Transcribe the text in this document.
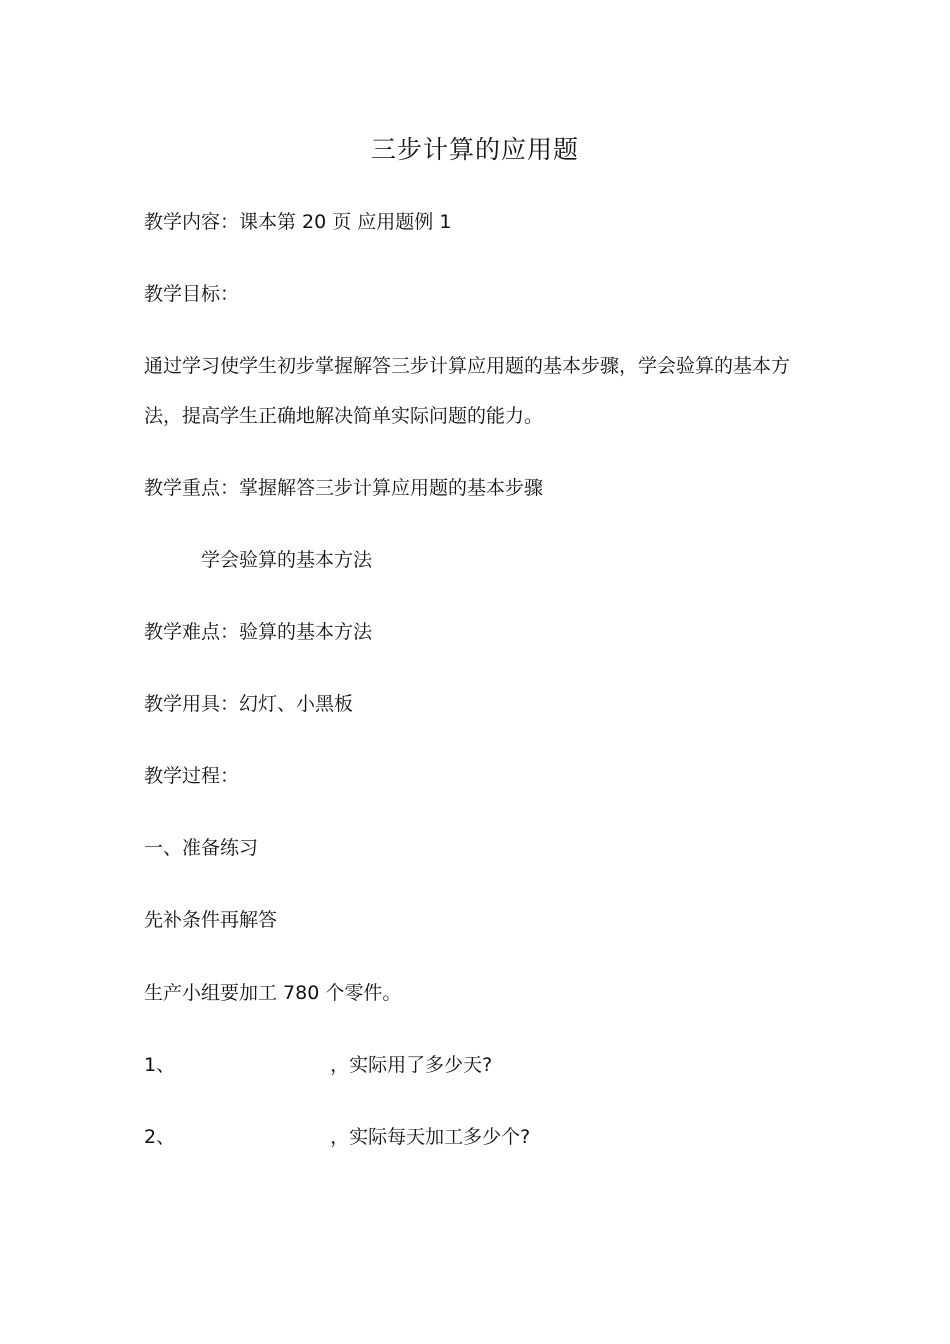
三步计算的应用题
教学内容：课本第 20 页 应用题例 1
教学目标：
通过学习使学生初步掌握解答三步计算应用题的基本步骤，学会验算的基本方
法，提高学生正确地解决简单实际问题的能力。
教学重点：掌握解答三步计算应用题的基本步骤
学会验算的基本方法
教学难点：验算的基本方法
教学用具：幻灯、小黑板
教学过程：
一、准备练习
先补条件再解答
生产小组要加工 780 个零件。
1、	，实际用了多少天?
2、	，实际每天加工多少个?
